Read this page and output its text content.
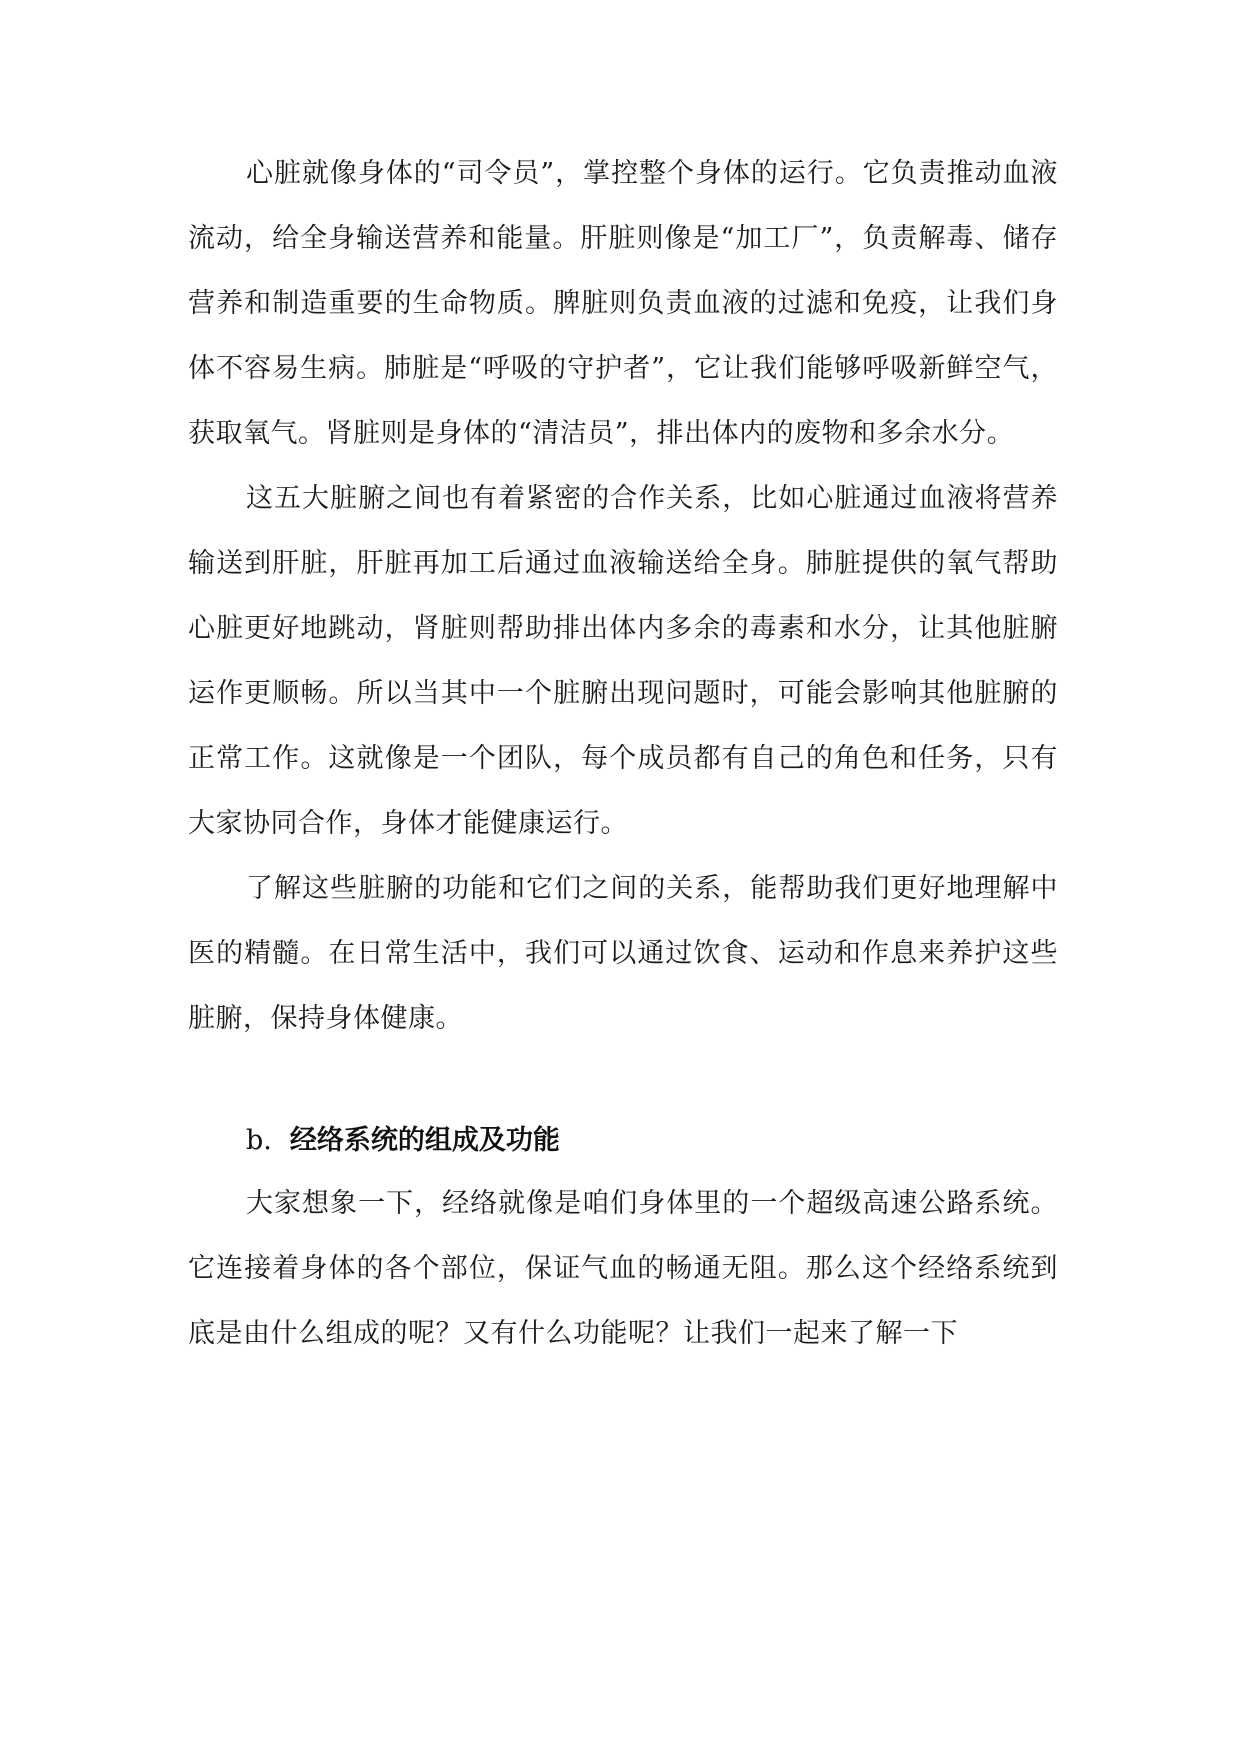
心脏就像身体的“司令员”，掌控整个身体的运行。它负责推动血液流动，给全身输送营养和能量。肝脏则像是“加工厂”，负责解毒、储存营养和制造重要的生命物质。脾脏则负责血液的过滤和免疫，让我们身体不容易生病。肺脏是“呼吸的守护者”，它让我们能够呼吸新鲜空气，获取氧气。肾脏则是身体的“清洁员”，排出体内的废物和多余水分。

这五大脏腑之间也有着紧密的合作关系，比如心脏通过血液将营养输送到肝脏，肝脏再加工后通过血液输送给全身。肺脏提供的氧气帮助心脏更好地跳动，肾脏则帮助排出体内多余的毒素和水分，让其他脏腑运作更顺畅。所以当其中一个脏腑出现问题时，可能会影响其他脏腑的正常工作。这就像是一个团队，每个成员都有自己的角色和任务，只有大家协同合作，身体才能健康运行。

了解这些脏腑的功能和它们之间的关系，能帮助我们更好地理解中医的精髓。在日常生活中，我们可以通过饮食、运动和作息来养护这些脏腑，保持身体健康。

b. 经络系统的组成及功能

大家想象一下，经络就像是咱们身体里的一个超级高速公路系统。它连接着身体的各个部位，保证气血的畅通无阻。那么这个经络系统到底是由什么组成的呢？又有什么功能呢？让我们一起来了解一下
